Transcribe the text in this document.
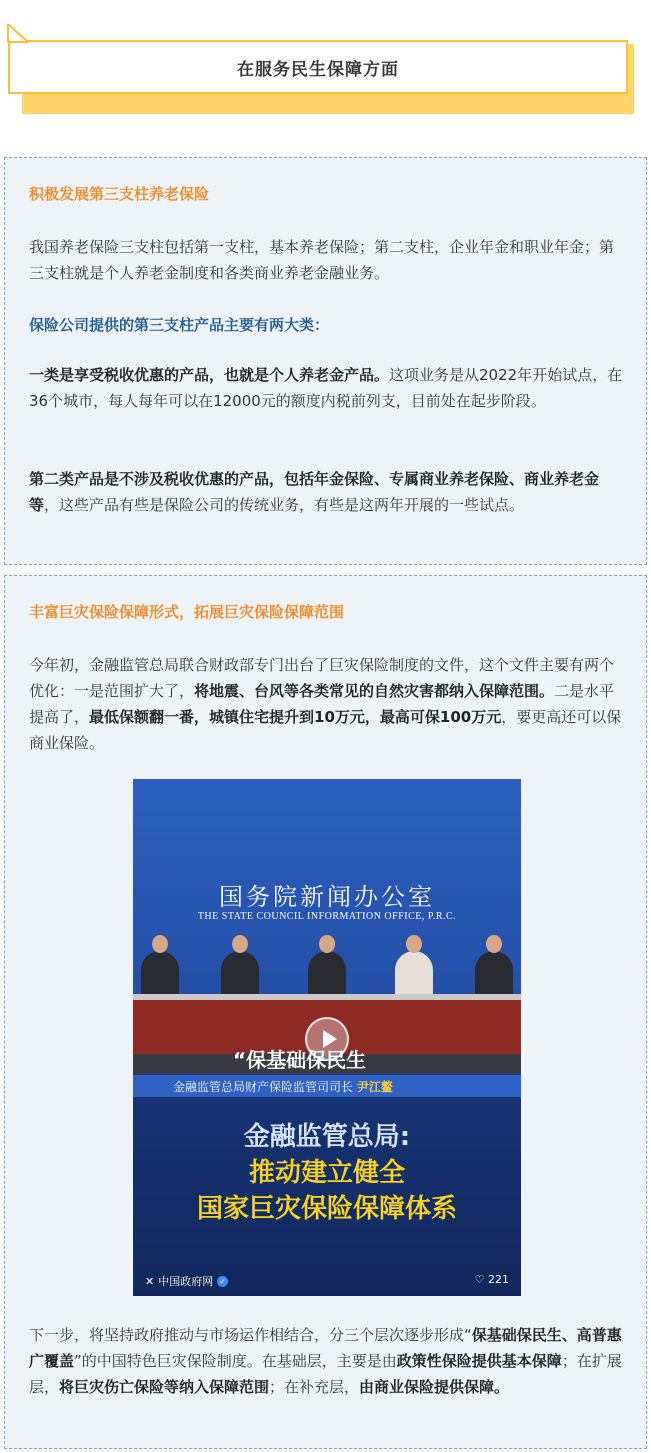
在服务民生保障方面
积极发展第三支柱养老保险
我国养老保险三支柱包括第一支柱，基本养老保险；第二支柱，企业年金和职业年金；第三支柱就是个人养老金制度和各类商业养老金融业务。
保险公司提供的第三支柱产品主要有两大类：
一类是享受税收优惠的产品，也就是个人养老金产品。这项业务是从2022年开始试点，在36个城市，每人每年可以在12000元的额度内税前列支，目前处在起步阶段。
第二类产品是不涉及税收优惠的产品，包括年金保险、专属商业养老保险、商业养老金等，这些产品有些是保险公司的传统业务，有些是这两年开展的一些试点。
丰富巨灾保险保障形式，拓展巨灾保险保障范围
今年初，金融监管总局联合财政部专门出台了巨灾保险制度的文件，这个文件主要有两个优化：一是范围扩大了，将地震、台风等各类常见的自然灾害都纳入保障范围。二是水平提高了，最低保额翻一番，城镇住宅提升到10万元，最高可保100万元，要更高还可以保商业保险。
国务院新闻办公室
THE STATE COUNCIL INFORMATION OFFICE, P.R.C.
“保基础保民生
金融监管总局财产保险监管司司长 尹江鳌
金融监管总局:
推动建立健全
国家巨灾保险保障体系
✕ 中国政府网 ✓	♡ 221
下一步，将坚持政府推动与市场运作相结合，分三个层次逐步形成“保基础保民生、高普惠广覆盖”的中国特色巨灾保险制度。在基础层，主要是由政策性保险提供基本保障；在扩展层，将巨灾伤亡保险等纳入保障范围；在补充层，由商业保险提供保障。
